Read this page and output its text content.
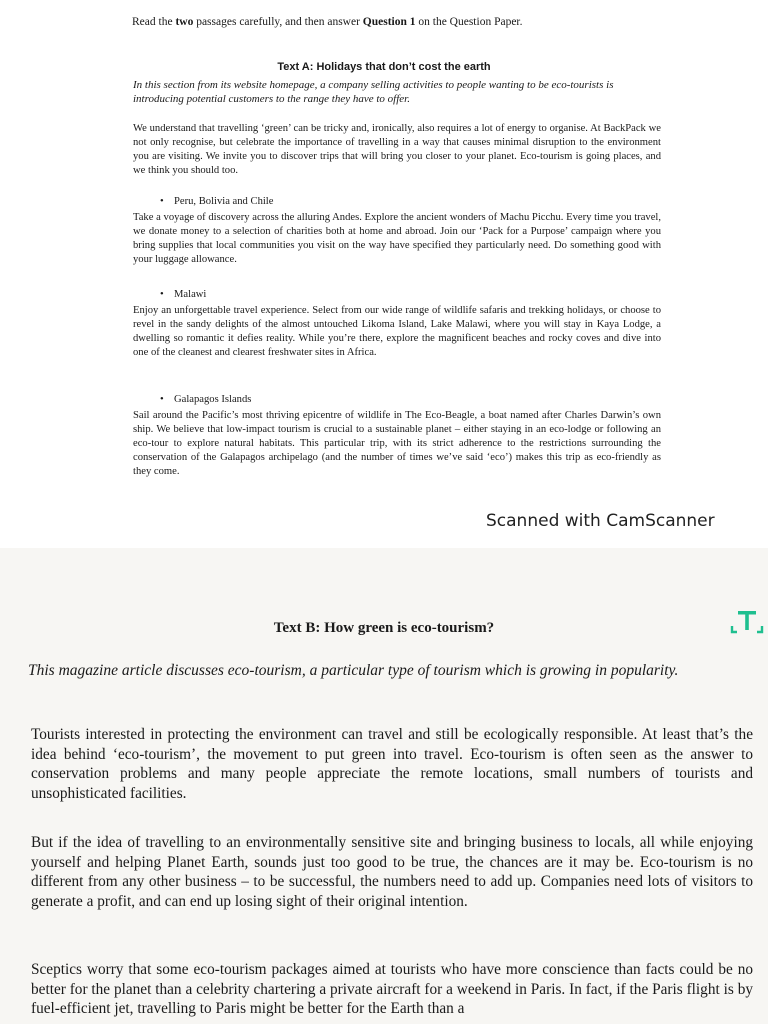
Read the two passages carefully, and then answer Question 1 on the Question Paper.
Text A: Holidays that don’t cost the earth
In this section from its website homepage, a company selling activities to people wanting to be eco-tourists is introducing potential customers to the range they have to offer.
We understand that travelling ‘green’ can be tricky and, ironically, also requires a lot of energy to organise. At BackPack we not only recognise, but celebrate the importance of travelling in a way that causes minimal disruption to the environment you are visiting. We invite you to discover trips that will bring you closer to your planet. Eco-tourism is going places, and we think you should too.
• Peru, Bolivia and Chile
Take a voyage of discovery across the alluring Andes. Explore the ancient wonders of Machu Picchu. Every time you travel, we donate money to a selection of charities both at home and abroad. Join our ‘Pack for a Purpose’ campaign where you bring supplies that local communities you visit on the way have specified they particularly need. Do something good with your luggage allowance.
• Malawi
Enjoy an unforgettable travel experience. Select from our wide range of wildlife safaris and trekking holidays, or choose to revel in the sandy delights of the almost untouched Likoma Island, Lake Malawi, where you will stay in Kaya Lodge, a dwelling so romantic it defies reality. While you’re there, explore the magnificent beaches and rocky coves and dive into one of the cleanest and clearest freshwater sites in Africa.
• Galapagos Islands
Sail around the Pacific’s most thriving epicentre of wildlife in The Eco-Beagle, a boat named after Charles Darwin’s own ship. We believe that low-impact tourism is crucial to a sustainable planet – either staying in an eco-lodge or following an eco-tour to explore natural habitats. This particular trip, with its strict adherence to the restrictions surrounding the conservation of the Galapagos archipelago (and the number of times we’ve said ‘eco’) makes this trip as eco-friendly as they come.
Scanned with CamScanner
Text B: How green is eco-tourism?
This magazine article discusses eco-tourism, a particular type of tourism which is growing in popularity.
Tourists interested in protecting the environment can travel and still be ecologically responsible. At least that’s the idea behind ‘eco-tourism’, the movement to put green into travel. Eco-tourism is often seen as the answer to conservation problems and many people appreciate the remote locations, small numbers of tourists and unsophisticated facilities.
But if the idea of travelling to an environmentally sensitive site and bringing business to locals, all while enjoying yourself and helping Planet Earth, sounds just too good to be true, the chances are it may be. Eco-tourism is no different from any other business – to be successful, the numbers need to add up. Companies need lots of visitors to generate a profit, and can end up losing sight of their original intention.
Sceptics worry that some eco-tourism packages aimed at tourists who have more conscience than facts could be no better for the planet than a celebrity chartering a private aircraft for a weekend in Paris. In fact, if the Paris flight is by fuel-efficient jet, travelling to Paris might be better for the Earth than a
